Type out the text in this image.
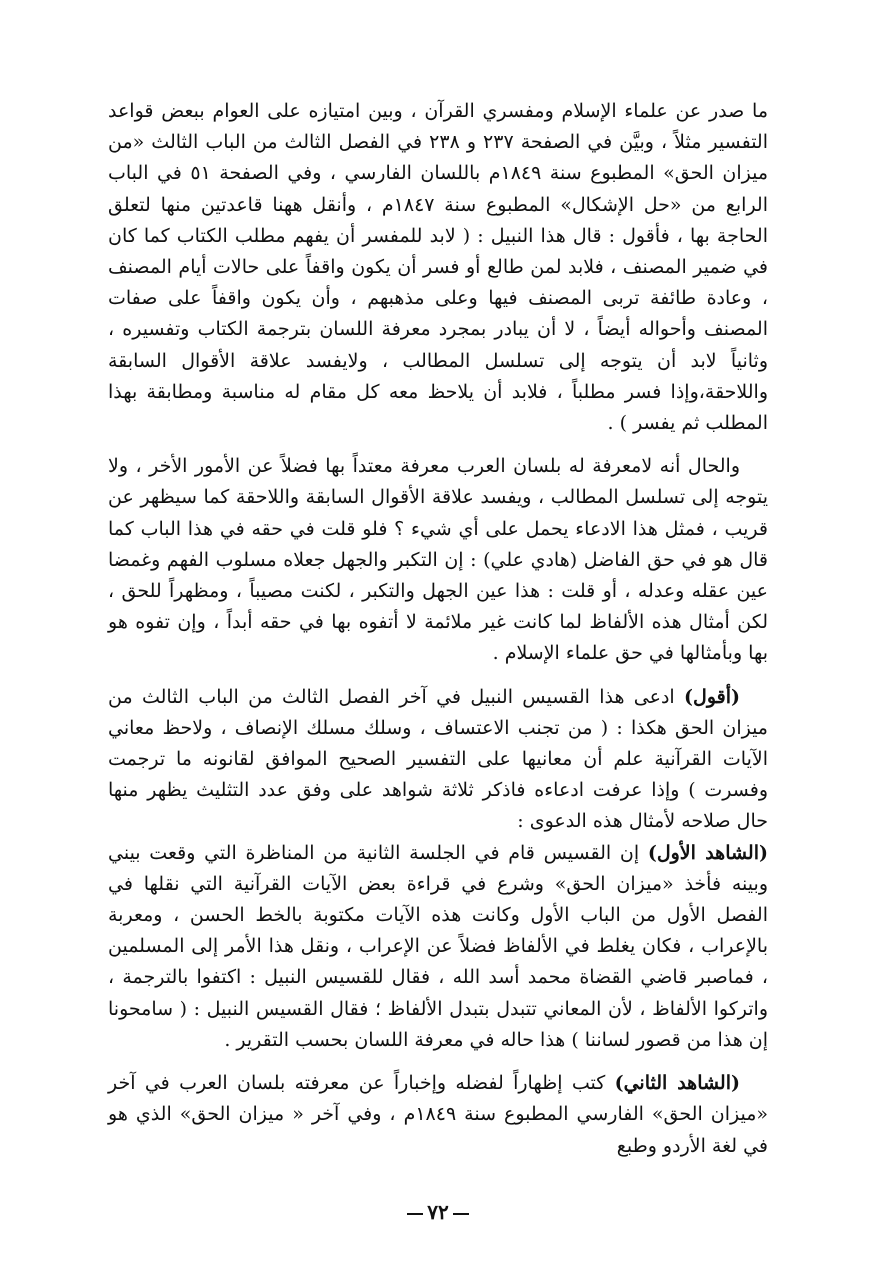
ما صدر عن علماء الإسلام ومفسري القرآن ، وبين امتيازه على العوام ببعض قواعد التفسير مثلاً ، وبيَّن في الصفحة ٢٣٧ و ٢٣٨ في الفصل الثالث من الباب الثالث «من ميزان الحق» المطبوع سنة ١٨٤٩م باللسان الفارسي ، وفي الصفحة ٥١ في الباب الرابع من «حل الإشكال» المطبوع سنة ١٨٤٧م ، وأنقل ههنا قاعدتين منها لتعلق الحاجة بها ، فأقول : قال هذا النبيل : ( لابد للمفسر أن يفهم مطلب الكتاب كما كان في ضمير المصنف ، فلابد لمن طالع أو فسر أن يكون واقفاً على حالات أيام المصنف ، وعادة طائفة تربى المصنف فيها وعلى مذهبهم ، وأن يكون واقفاً على صفات المصنف وأحواله أيضاً ، لا أن يبادر بمجرد معرفة اللسان بترجمة الكتاب وتفسيره ، وثانياً لابد أن يتوجه إلى تسلسل المطالب ، ولايفسد علاقة الأقوال السابقة واللاحقة،وإذا فسر مطلباً ، فلابد أن يلاحظ معه كل مقام له مناسبة ومطابقة بهذا المطلب ثم يفسر ) .

والحال أنه لامعرفة له بلسان العرب معرفة معتداً بها فضلاً عن الأمور الأخر ، ولا يتوجه إلى تسلسل المطالب ، ويفسد علاقة الأقوال السابقة واللاحقة كما سيظهر عن قريب ، فمثل هذا الادعاء يحمل على أي شيء ؟ فلو قلت في حقه في هذا الباب كما قال هو في حق الفاضل (هادي علي) : إن التكبر والجهل جعلاه مسلوب الفهم وغمضا عين عقله وعدله ، أو قلت : هذا عين الجهل والتكبر ، لكنت مصيباً ، ومظهراً للحق ، لكن أمثال هذه الألفاظ لما كانت غير ملائمة لا أتفوه بها في حقه أبداً ، وإن تفوه هو بها وبأمثالها في حق علماء الإسلام .

(أقول) ادعى هذا القسيس النبيل في آخر الفصل الثالث من الباب الثالث من ميزان الحق هكذا : ( من تجنب الاعتساف ، وسلك مسلك الإنصاف ، ولاحظ معاني الآيات القرآنية علم أن معانيها على التفسير الصحيح الموافق لقانونه ما ترجمت وفسرت ) وإذا عرفت ادعاءه فاذكر ثلاثة شواهد على وفق عدد التثليث يظهر منها حال صلاحه لأمثال هذه الدعوى :

(الشاهد الأول) إن القسيس قام في الجلسة الثانية من المناظرة التي وقعت بيني وبينه فأخذ «ميزان الحق» وشرع في قراءة بعض الآيات القرآنية التي نقلها في الفصل الأول من الباب الأول وكانت هذه الآيات مكتوبة بالخط الحسن ، ومعربة بالإعراب ، فكان يغلط في الألفاظ فضلاً عن الإعراب ، ونقل هذا الأمر إلى المسلمين ، فماصبر قاضي القضاة محمد أسد الله ، فقال للقسيس النبيل : اكتفوا بالترجمة ، واتركوا الألفاظ ، لأن المعاني تتبدل بتبدل الألفاظ ؛ فقال القسيس النبيل : ( سامحونا إن هذا من قصور لساننا ) هذا حاله في معرفة اللسان بحسب التقرير .

(الشاهد الثاني) كتب إظهاراً لفضله وإخباراً عن معرفته بلسان العرب في آخر «ميزان الحق» الفارسي المطبوع سنة ١٨٤٩م ، وفي آخر « ميزان الحق» الذي هو في لغة الأردو وطبع

٧٢
